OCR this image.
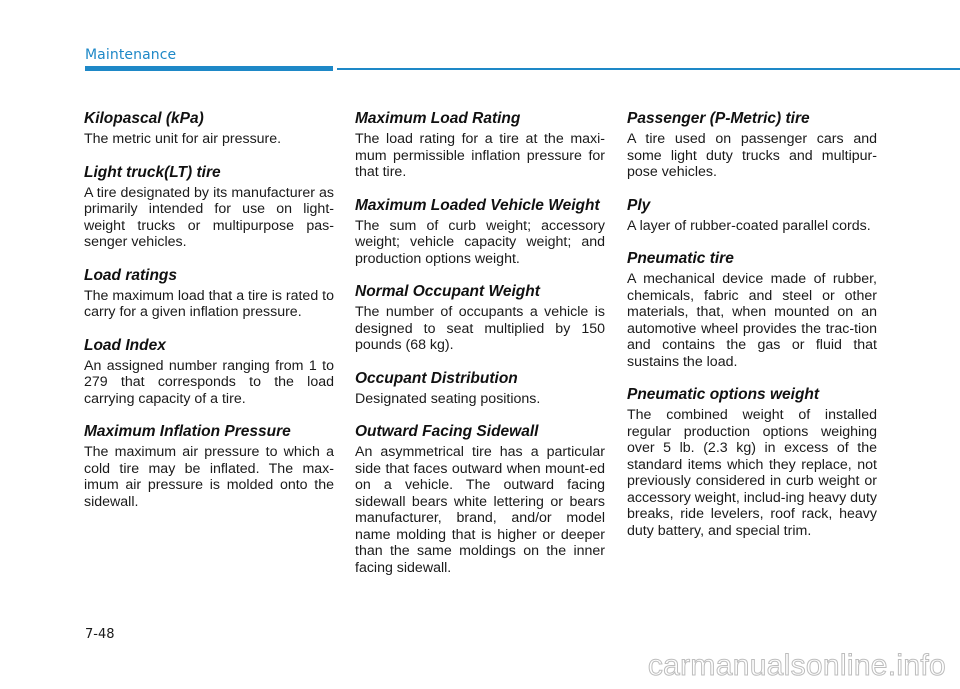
Maintenance
Kilopascal (kPa)

The metric unit for air pressure.

Light truck(LT) tire

A tire designated by its manufacturer as primarily intended for use on light-weight trucks or multipurpose pas-senger vehicles.

Load ratings

The maximum load that a tire is rated to carry for a given inflation pressure.

Load Index

An assigned number ranging from 1 to 279 that corresponds to the load carrying capacity of a tire.

Maximum Inflation Pressure

The maximum air pressure to which a cold tire may be inflated. The max-imum air pressure is molded onto the sidewall.

Maximum Load Rating

The load rating for a tire at the maxi-mum permissible inflation pressure for that tire.

Maximum Loaded Vehicle Weight

The sum of curb weight; accessory weight; vehicle capacity weight; and production options weight.

Normal Occupant Weight

The number of occupants a vehicle is designed to seat multiplied by 150 pounds (68 kg).

Occupant Distribution

Designated seating positions.

Outward Facing Sidewall

An asymmetrical tire has a particular side that faces outward when mount-ed on a vehicle. The outward facing sidewall bears white lettering or bears manufacturer, brand, and/or model name molding that is higher or deeper than the same moldings on the inner facing sidewall.

Passenger (P-Metric) tire

A tire used on passenger cars and some light duty trucks and multipur-pose vehicles.

Ply

A layer of rubber-coated parallel cords.

Pneumatic tire

A mechanical device made of rubber, chemicals, fabric and steel or other materials, that, when mounted on an automotive wheel provides the trac-tion and contains the gas or fluid that sustains the load.

Pneumatic options weight

The combined weight of installed regular production options weighing over 5 lb. (2.3 kg) in excess of the standard items which they replace, not previously considered in curb weight or accessory weight, includ-ing heavy duty breaks, ride levelers, roof rack, heavy duty battery, and special trim.

7-48
carmanualsonline.info
